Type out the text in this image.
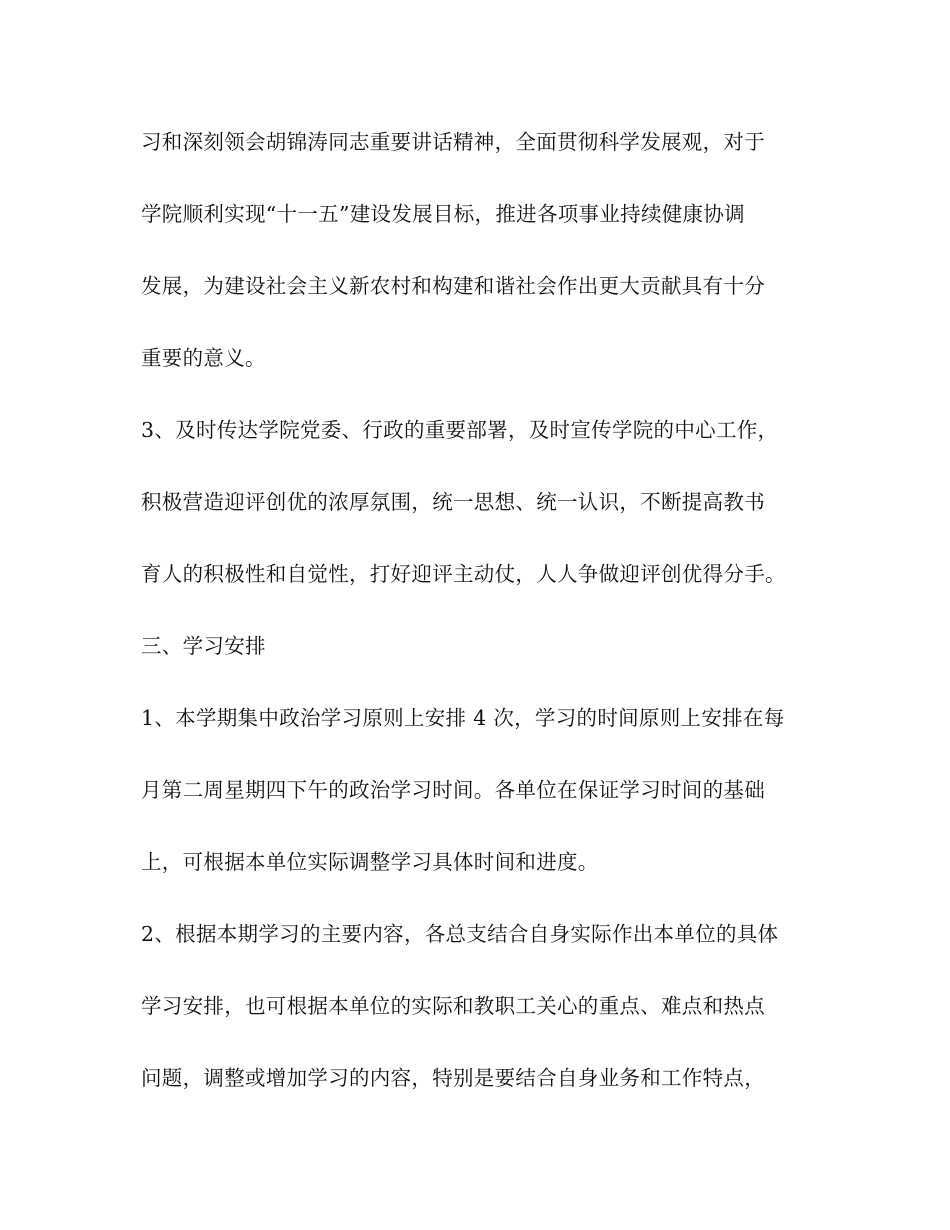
习和深刻领会胡锦涛同志重要讲话精神，全面贯彻科学发展观，对于
学院顺利实现“十一五”建设发展目标，推进各项事业持续健康协调
发展，为建设社会主义新农村和构建和谐社会作出更大贡献具有十分
重要的意义。
3、及时传达学院党委、行政的重要部署，及时宣传学院的中心工作，
积极营造迎评创优的浓厚氛围，统一思想、统一认识，不断提高教书
育人的积极性和自觉性，打好迎评主动仗，人人争做迎评创优得分手。
三、学习安排
1、本学期集中政治学习原则上安排 4 次，学习的时间原则上安排在每
月第二周星期四下午的政治学习时间。各单位在保证学习时间的基础
上，可根据本单位实际调整学习具体时间和进度。
2、根据本期学习的主要内容，各总支结合自身实际作出本单位的具体
学习安排，也可根据本单位的实际和教职工关心的重点、难点和热点
问题，调整或增加学习的内容，特别是要结合自身业务和工作特点，
